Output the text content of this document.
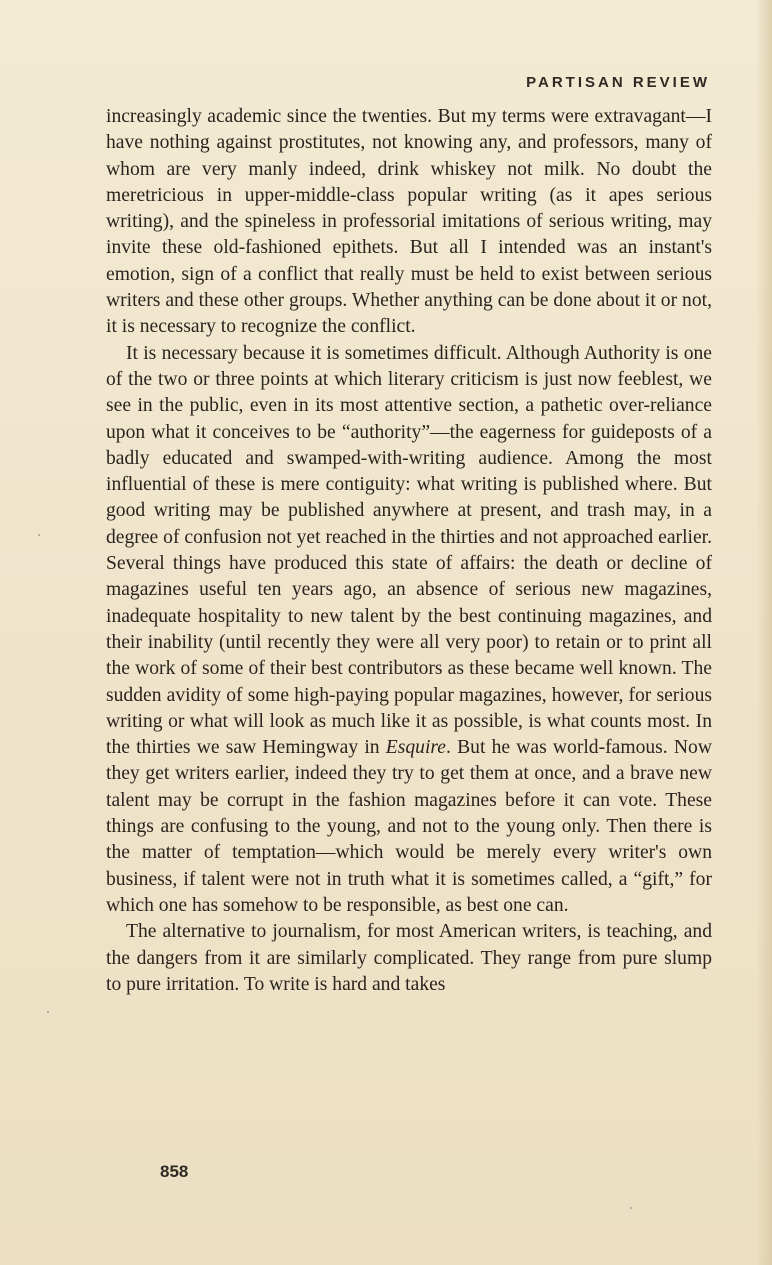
PARTISAN REVIEW

increasingly academic since the twenties. But my terms were extravagant—I have nothing against prostitutes, not knowing any, and professors, many of whom are very manly indeed, drink whiskey not milk. No doubt the meretricious in upper-middle-class popular writing (as it apes serious writing), and the spineless in professorial imitations of serious writing, may invite these old-fashioned epithets. But all I intended was an instant's emotion, sign of a conflict that really must be held to exist between serious writers and these other groups. Whether anything can be done about it or not, it is necessary to recognize the conflict.

It is necessary because it is sometimes difficult. Although Authority is one of the two or three points at which literary criticism is just now feeblest, we see in the public, even in its most attentive section, a pathetic over-reliance upon what it conceives to be “authority”—the eagerness for guideposts of a badly educated and swamped-with-writing audience. Among the most influential of these is mere contiguity: what writing is published where. But good writing may be published anywhere at present, and trash may, in a degree of confusion not yet reached in the thirties and not approached earlier. Several things have produced this state of affairs: the death or decline of magazines useful ten years ago, an absence of serious new magazines, inadequate hospitality to new talent by the best continuing magazines, and their inability (until recently they were all very poor) to retain or to print all the work of some of their best contributors as these became well known. The sudden avidity of some high-paying popular magazines, however, for serious writing or what will look as much like it as possible, is what counts most. In the thirties we saw Hemingway in Esquire. But he was world-famous. Now they get writers earlier, indeed they try to get them at once, and a brave new talent may be corrupt in the fashion magazines before it can vote. These things are confusing to the young, and not to the young only. Then there is the matter of temptation—which would be merely every writer's own business, if talent were not in truth what it is sometimes called, a “gift,” for which one has somehow to be responsible, as best one can.

The alternative to journalism, for most American writers, is teaching, and the dangers from it are similarly complicated. They range from pure slump to pure irritation. To write is hard and takes

858
